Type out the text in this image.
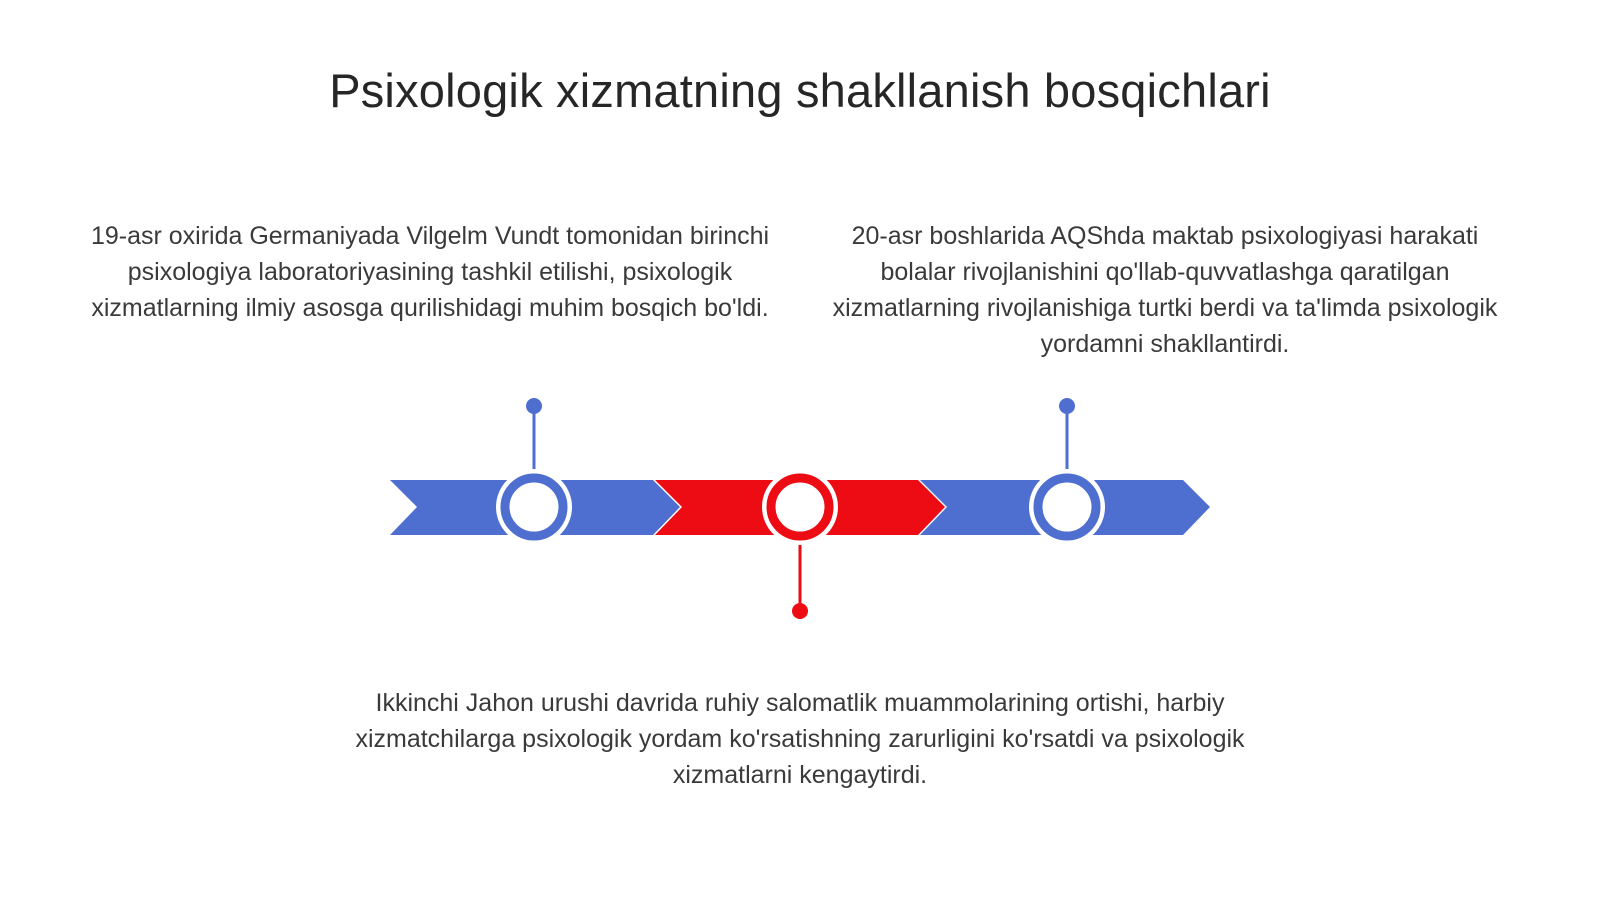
Psixologik xizmatning shakllanish bosqichlari
19-asr oxirida Germaniyada Vilgelm Vundt tomonidan birinchi psixologiya laboratoriyasining tashkil etilishi, psixologik xizmatlarning ilmiy asosga qurilishidagi muhim bosqich bo'ldi.
20-asr boshlarida AQShda maktab psixologiyasi harakati bolalar rivojlanishini qo'llab-quvvatlashga qaratilgan xizmatlarning rivojlanishiga turtki berdi va ta'limda psixologik yordamni shakllantirdi.
Ikkinchi Jahon urushi davrida ruhiy salomatlik muammolarining ortishi, harbiy xizmatchilarga psixologik yordam ko'rsatishning zarurligini ko'rsatdi va psixologik xizmatlarni kengaytirdi.
